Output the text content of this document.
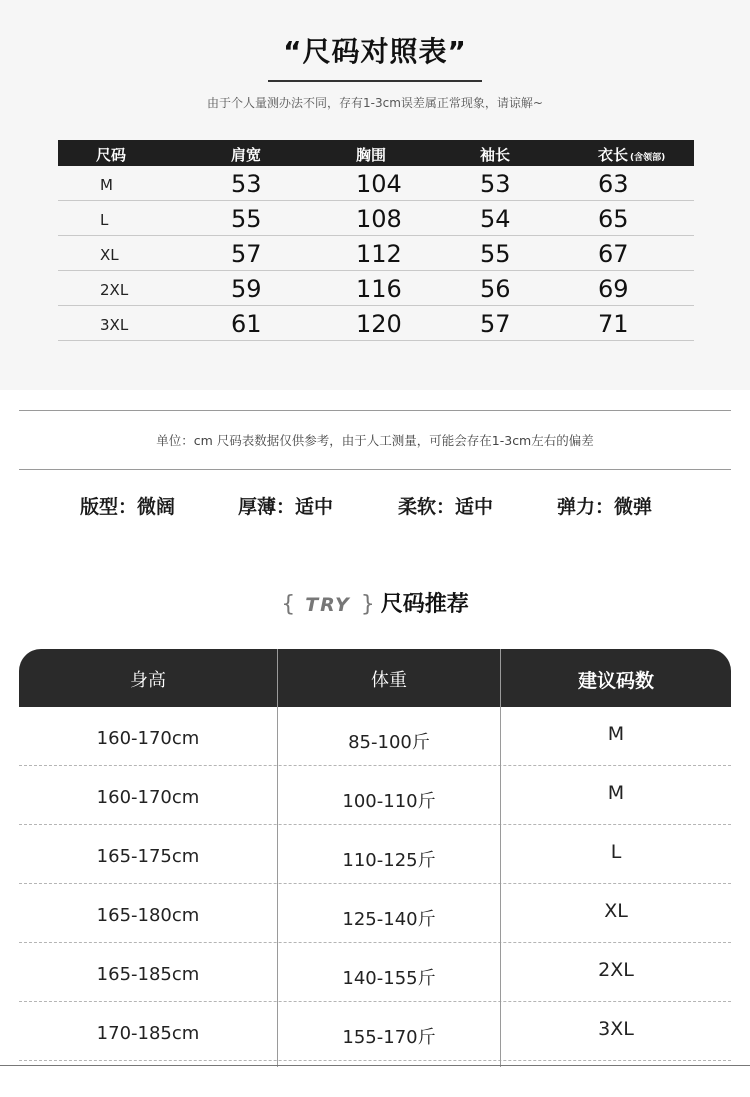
“尺码对照表”
由于个人量测办法不同，存有1-3cm误差属正常现象，请谅解~
尺码	肩宽	胸围	袖长	衣长 (含领部)
M	53	104	53	63
L	55	108	54	65
XL	57	112	55	67
2XL	59	116	56	69
3XL	61	120	57	71
单位：cm 尺码表数据仅供参考，由于人工测量，可能会存在1-3cm左右的偏差
版型：微阔	厚薄：适中	柔软：适中	弹力：微弹
{ TRY } 尺码推荐
身高	体重	建议码数
160-170cm	85-100斤	M
160-170cm	100-110斤	M
165-175cm	110-125斤	L
165-180cm	125-140斤	XL
165-185cm	140-155斤	2XL
170-185cm	155-170斤	3XL
